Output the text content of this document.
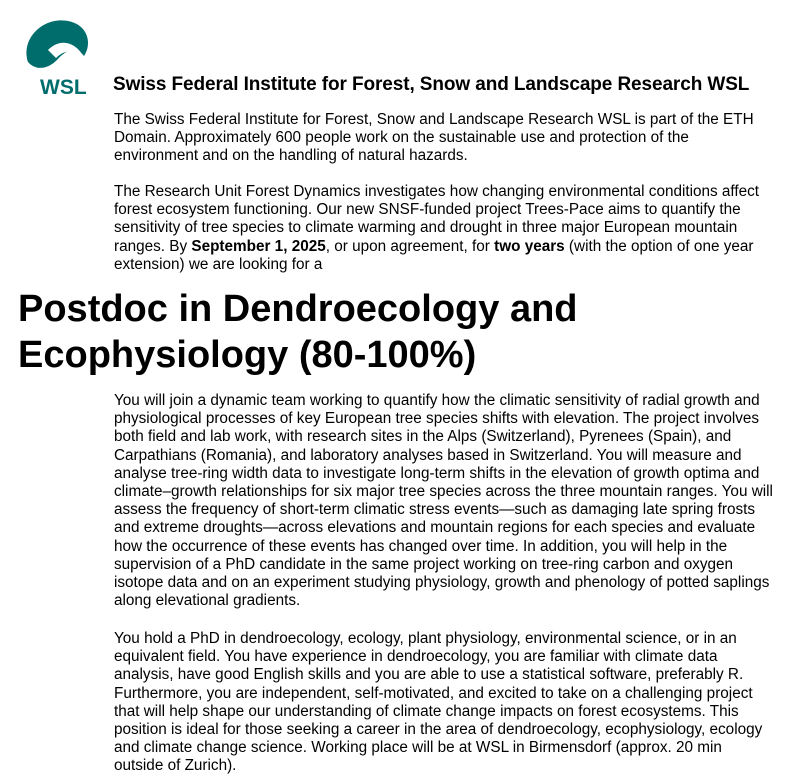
WSL Swiss Federal Institute for Forest, Snow and Landscape Research WSL

The Swiss Federal Institute for Forest, Snow and Landscape Research WSL is part of the ETH Domain. Approximately 600 people work on the sustainable use and protection of the environment and on the handling of natural hazards.

The Research Unit Forest Dynamics investigates how changing environmental conditions affect forest ecosystem functioning. Our new SNSF-funded project Trees-Pace aims to quantify the sensitivity of tree species to climate warming and drought in three major European mountain ranges. By September 1, 2025, or upon agreement, for two years (with the option of one year extension) we are looking for a

Postdoc in Dendroecology and Ecophysiology (80-100%)

You will join a dynamic team working to quantify how the climatic sensitivity of radial growth and physiological processes of key European tree species shifts with elevation. The project involves both field and lab work, with research sites in the Alps (Switzerland), Pyrenees (Spain), and Carpathians (Romania), and laboratory analyses based in Switzerland. You will measure and analyse tree-ring width data to investigate long-term shifts in the elevation of growth optima and climate–growth relationships for six major tree species across the three mountain ranges. You will assess the frequency of short-term climatic stress events—such as damaging late spring frosts and extreme droughts—across elevations and mountain regions for each species and evaluate how the occurrence of these events has changed over time. In addition, you will help in the supervision of a PhD candidate in the same project working on tree-ring carbon and oxygen isotope data and on an experiment studying physiology, growth and phenology of potted saplings along elevational gradients.

You hold a PhD in dendroecology, ecology, plant physiology, environmental science, or in an equivalent field. You have experience in dendroecology, you are familiar with climate data analysis, have good English skills and you are able to use a statistical software, preferably R. Furthermore, you are independent, self-motivated, and excited to take on a challenging project that will help shape our understanding of climate change impacts on forest ecosystems. This position is ideal for those seeking a career in the area of dendroecology, ecophysiology, ecology and climate change science. Working place will be at WSL in Birmensdorf (approx. 20 min outside of Zurich).
